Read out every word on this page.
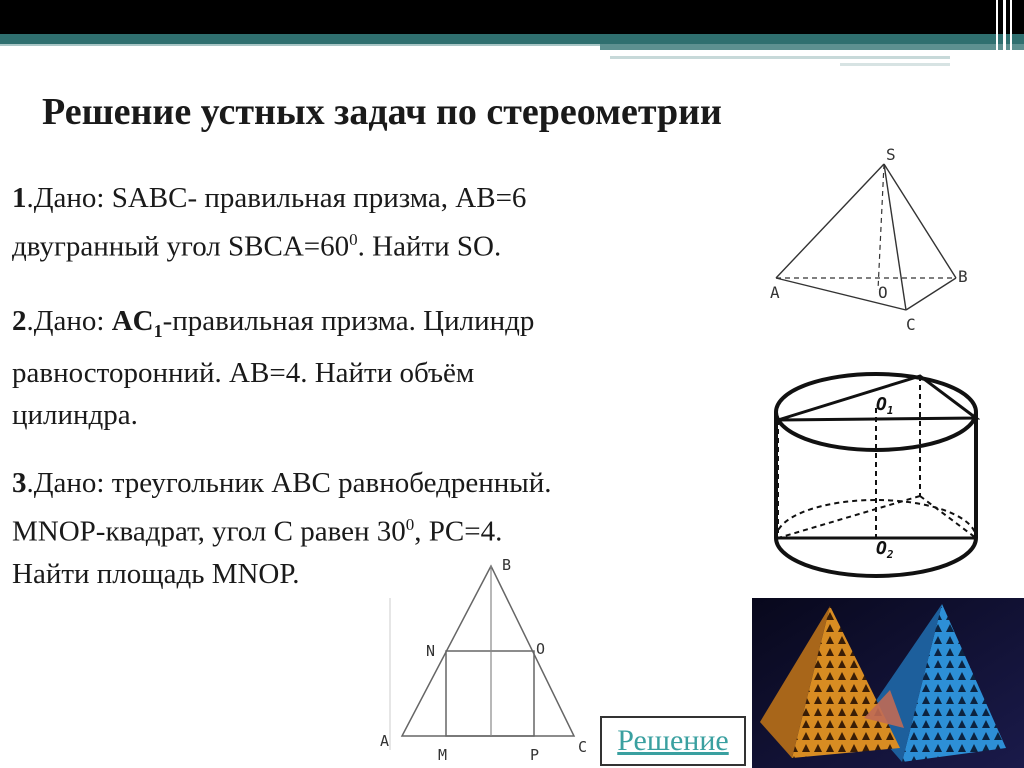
Решение устных задач по стереометрии

1.Дано: SABC- правильная призма, AB=6
двугранный угол $SBCA=60^0$. Найти SO.

2.Дано: $AC_1$-правильная призма. Цилиндр
равносторонний. AB=4. Найти объём
цилиндра.

3.Дано: треугольник ABC равнобедренный.
MNOP-квадрат, угол C равен $30^0$, PC=4.
Найти площадь MNOP.

S
A	O
B
C
$O_1$
$O_2$
B
N	O
A
M	P	C	Решение
